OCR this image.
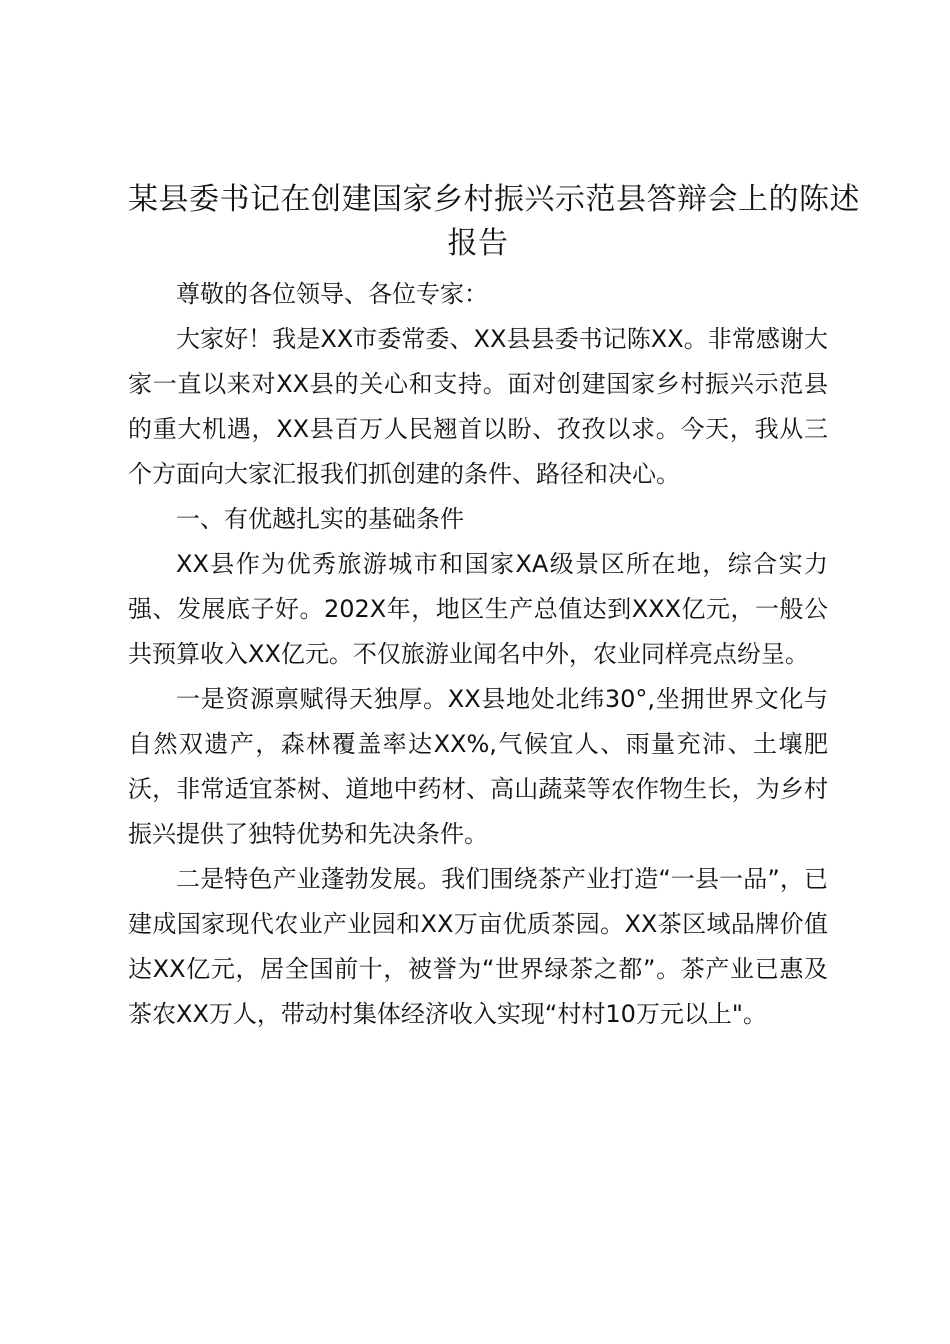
某县委书记在创建国家乡村振兴示范县答辩会上的陈述
报告

尊敬的各位领导、各位专家：

大家好！我是XX市委常委、XX县县委书记陈XX。非常感谢大家一直以来对XX县的关心和支持。面对创建国家乡村振兴示范县的重大机遇，XX县百万人民翘首以盼、孜孜以求。今天，我从三个方面向大家汇报我们抓创建的条件、路径和决心。

一、有优越扎实的基础条件

XX县作为优秀旅游城市和国家XA级景区所在地，综合实力强、发展底子好。202X年，地区生产总值达到XXX亿元，一般公共预算收入XX亿元。不仅旅游业闻名中外，农业同样亮点纷呈。

一是资源禀赋得天独厚。XX县地处北纬30°,坐拥世界文化与自然双遗产，森林覆盖率达XX%,气候宜人、雨量充沛、土壤肥沃，非常适宜茶树、道地中药材、高山蔬菜等农作物生长，为乡村振兴提供了独特优势和先决条件。

二是特色产业蓬勃发展。我们围绕茶产业打造“一县一品”，已建成国家现代农业产业园和XX万亩优质茶园。XX茶区域品牌价值达XX亿元，居全国前十，被誉为“世界绿茶之都”。茶产业已惠及茶农XX万人，带动村集体经济收入实现“村村10万元以上"。
